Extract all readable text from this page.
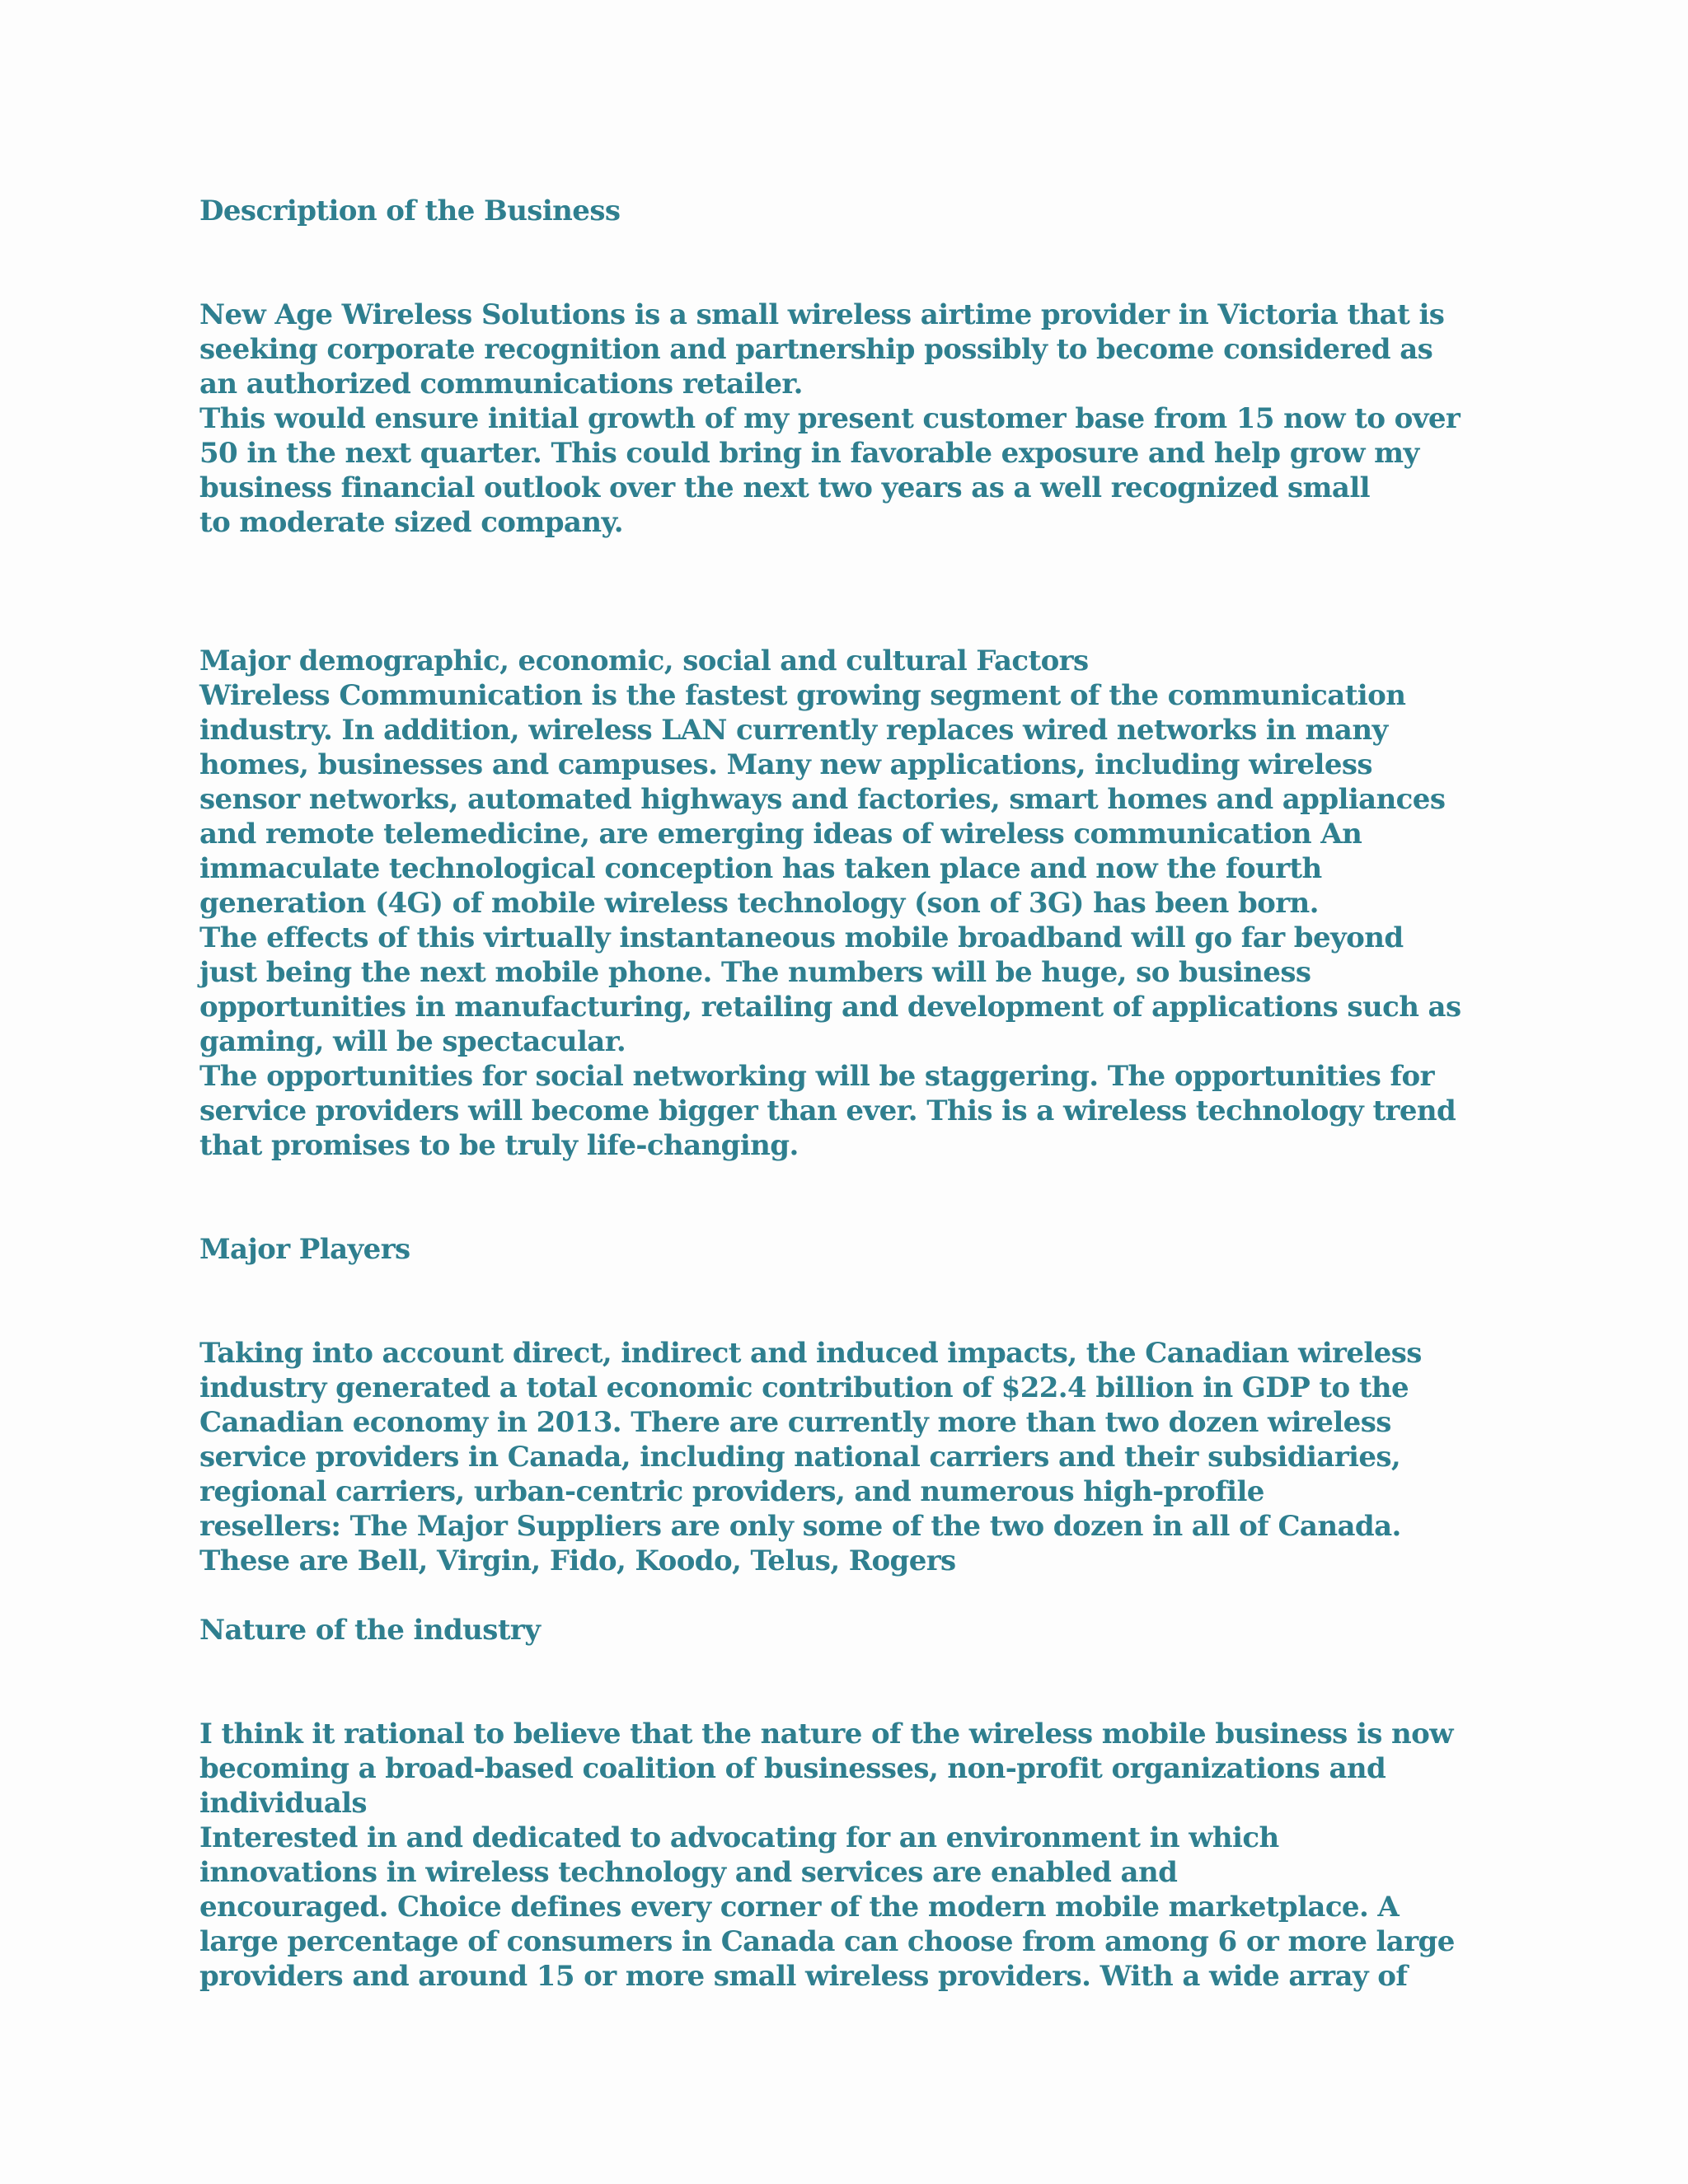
Description of the Business
New Age Wireless Solutions is a small wireless airtime provider in Victoria that is
seeking corporate recognition and partnership possibly to become considered as
an authorized communications retailer.
This would ensure initial growth of my present customer base from 15 now to over
50 in the next quarter. This could bring in favorable exposure and help grow my
business financial outlook over the next two years as a well recognized small
to moderate sized company.
Major demographic, economic, social and cultural Factors
Wireless Communication is the fastest growing segment of the communication
industry. In addition, wireless LAN currently replaces wired networks in many
homes, businesses and campuses. Many new applications, including wireless
sensor networks, automated highways and factories, smart homes and appliances
and remote telemedicine, are emerging ideas of wireless communication An
immaculate technological conception has taken place and now the fourth
generation (4G) of mobile wireless technology (son of 3G) has been born.
The effects of this virtually instantaneous mobile broadband will go far beyond
just being the next mobile phone. The numbers will be huge, so business
opportunities in manufacturing, retailing and development of applications such as
gaming, will be spectacular.
The opportunities for social networking will be staggering. The opportunities for
service providers will become bigger than ever. This is a wireless technology trend
that promises to be truly life-changing.
Major Players
Taking into account direct, indirect and induced impacts, the Canadian wireless
industry generated a total economic contribution of $22.4 billion in GDP to the
Canadian economy in 2013. There are currently more than two dozen wireless
service providers in Canada, including national carriers and their subsidiaries,
regional carriers, urban-centric providers, and numerous high-profile
resellers: The Major Suppliers are only some of the two dozen in all of Canada.
These are Bell, Virgin, Fido, Koodo, Telus, Rogers
Nature of the industry
I think it rational to believe that the nature of the wireless mobile business is now
becoming a broad-based coalition of businesses, non-profit organizations and
individuals
Interested in and dedicated to advocating for an environment in which
innovations in wireless technology and services are enabled and
encouraged. Choice defines every corner of the modern mobile marketplace. A
large percentage of consumers in Canada can choose from among 6 or more large
providers and around 15 or more small wireless providers. With a wide array of
